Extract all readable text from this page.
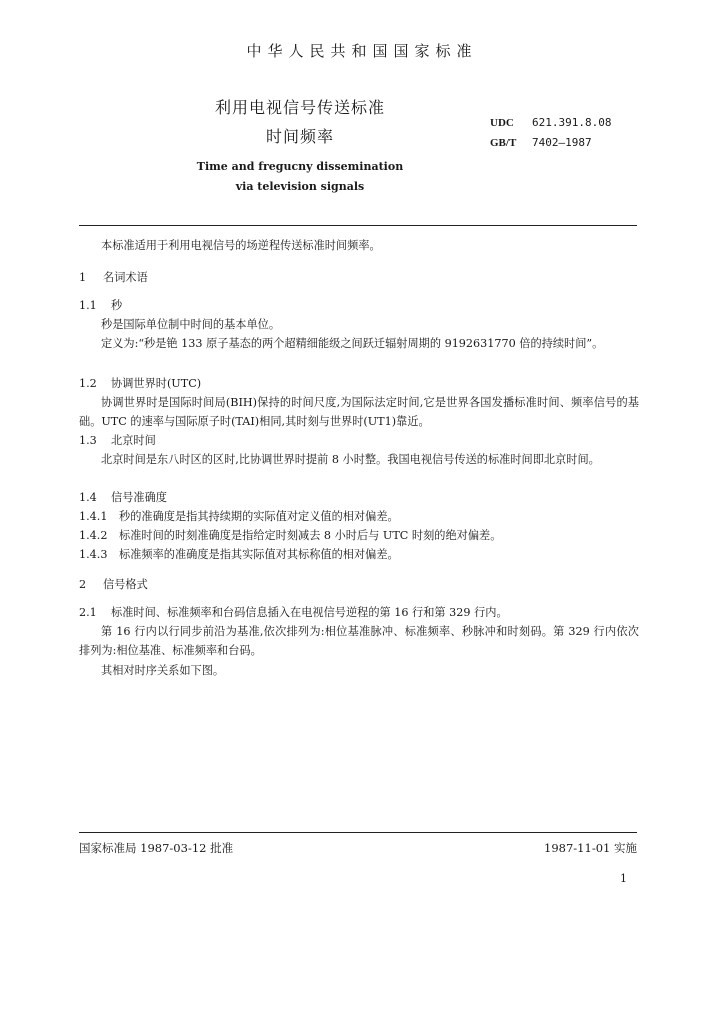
中华人民共和国国家标准
利用电视信号传送标准
时间频率
Time and fregucny dissemination
via television signals
UDC 621.391.8.08
GB/T 7402—1987
本标准适用于利用电视信号的场逆程传送标准时间频率。
1 名词术语
1.1 秒
秒是国际单位制中时间的基本单位。

定义为:“秒是铯 133 原子基态的两个超精细能级之间跃迁辐射周期的 9192631770 倍的持续时间”。

1.2 协调世界时(UTC)

协调世界时是国际时间局(BIH)保持的时间尺度,为国际法定时间,它是世界各国发播标准时间、频率信号的基础。UTC 的速率与国际原子时(TAI)相同,其时刻与世界时(UT1)靠近。

1.3 北京时间

北京时间是东八时区的区时,比协调世界时提前 8 小时整。我国电视信号传送的标准时间即北京时间。

1.4 信号准确度
1.4.1 秒的准确度是指其持续期的实际值对定义值的相对偏差。
1.4.2 标准时间的时刻准确度是指给定时刻减去 8 小时后与 UTC 时刻的绝对偏差。
1.4.3 标准频率的准确度是指其实际值对其标称值的相对偏差。
2 信号格式
2.1 标准时间、标准频率和台码信息插入在电视信号逆程的第 16 行和第 329 行内。

第 16 行内以行同步前沿为基准,依次排列为:相位基准脉冲、标准频率、秒脉冲和时刻码。第 329 行内依次排列为:相位基准、标准频率和台码。

其相对时序关系如下图。
国家标准局 1987-03-12 批准	1987-11-01 实施
1
